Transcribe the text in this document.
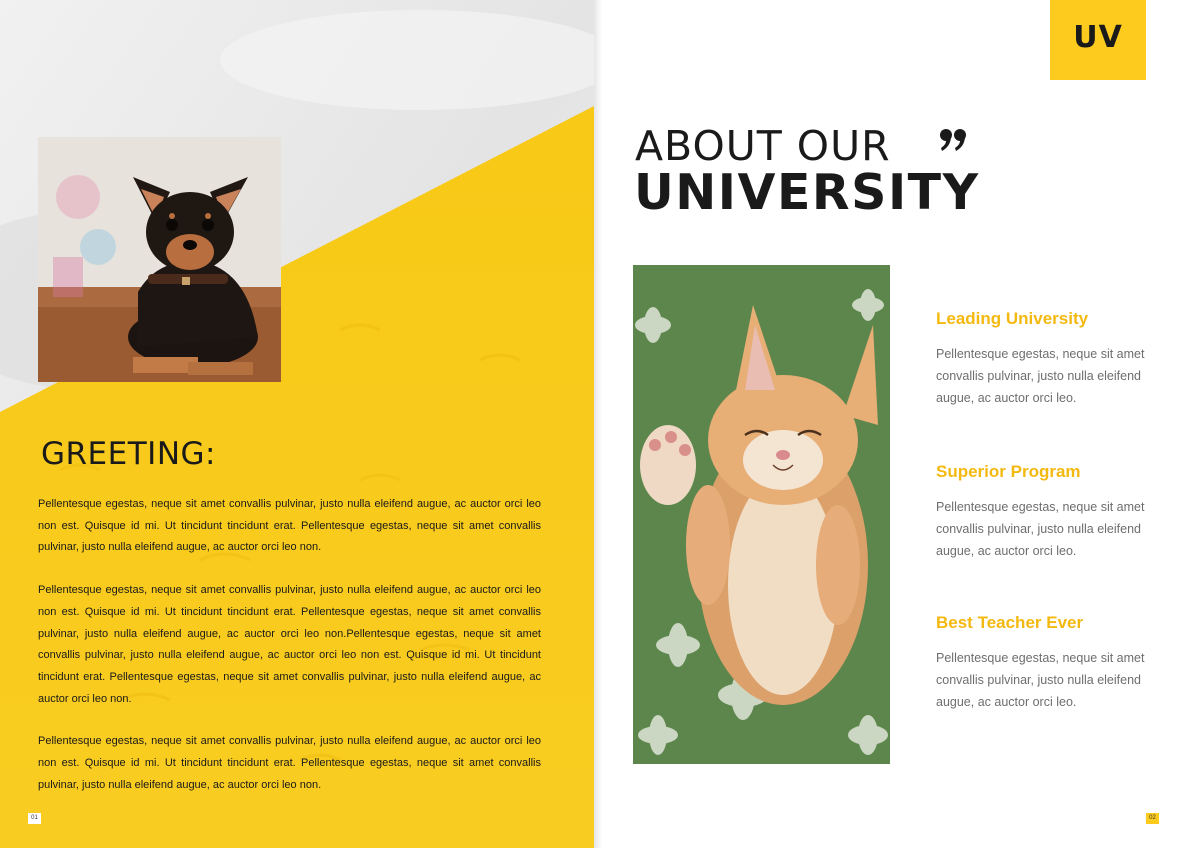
GREETING:

Pellentesque egestas, neque sit amet convallis pulvinar, justo nulla eleifend augue, ac auctor orci leo non est. Quisque id mi. Ut tincidunt tincidunt erat. Pellentesque egestas, neque sit amet convallis pulvinar, justo nulla eleifend augue, ac auctor orci leo non.

Pellentesque egestas, neque sit amet convallis pulvinar, justo nulla eleifend augue, ac auctor orci leo non est. Quisque id mi. Ut tincidunt tincidunt erat. Pellentesque egestas, neque sit amet convallis pulvinar, justo nulla eleifend augue, ac auctor orci leo non.Pellentesque egestas, neque sit amet convallis pulvinar, justo nulla eleifend augue, ac auctor orci leo non est. Quisque id mi. Ut tincidunt tincidunt erat. Pellentesque egestas, neque sit amet convallis pulvinar, justo nulla eleifend augue, ac auctor orci leo non.

Pellentesque egestas, neque sit amet convallis pulvinar, justo nulla eleifend augue, ac auctor orci leo non est. Quisque id mi. Ut tincidunt tincidunt erat. Pellentesque egestas, neque sit amet convallis pulvinar, justo nulla eleifend augue, ac auctor orci leo non.

01
UV
ABOUT OUR
UNIVERSITY
Leading University

Pellentesque egestas, neque sit amet convallis pulvinar, justo nulla eleifend augue, ac auctor orci leo.

Superior Program

Pellentesque egestas, neque sit amet convallis pulvinar, justo nulla eleifend augue, ac auctor orci leo.

Best Teacher Ever

Pellentesque egestas, neque sit amet convallis pulvinar, justo nulla eleifend augue, ac auctor orci leo.

02
